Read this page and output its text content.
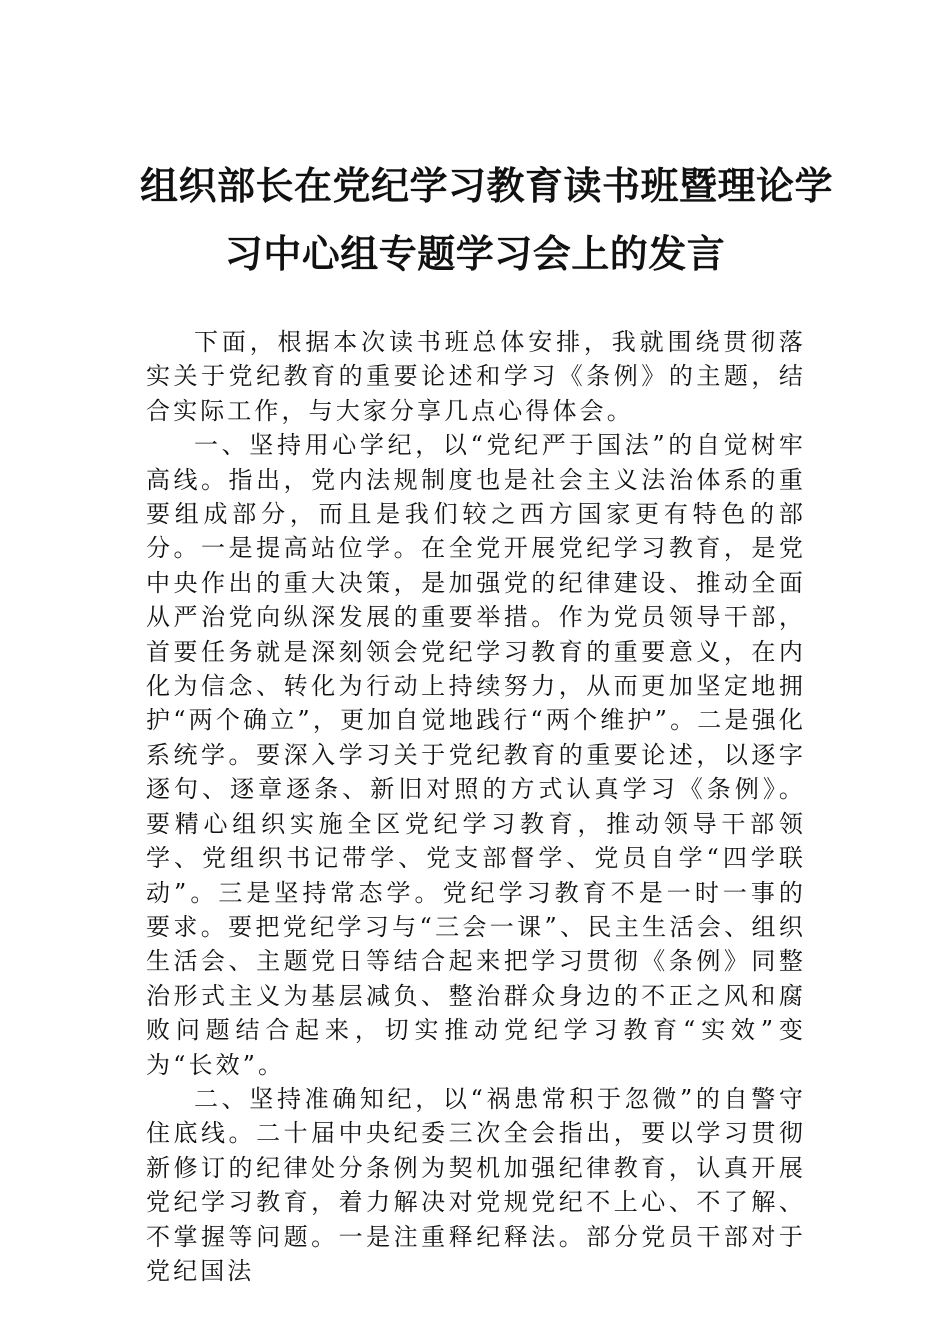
组织部长在党纪学习教育读书班暨理论学
习中心组专题学习会上的发言

下面，根据本次读书班总体安排，我就围绕贯彻落实关于党纪教育的重要论述和学习《条例》的主题，结合实际工作，与大家分享几点心得体会。

一、坚持用心学纪，以“党纪严于国法”的自觉树牢高线。指出，党内法规制度也是社会主义法治体系的重要组成部分，而且是我们较之西方国家更有特色的部分。一是提高站位学。在全党开展党纪学习教育，是党中央作出的重大决策，是加强党的纪律建设、推动全面从严治党向纵深发展的重要举措。作为党员领导干部，首要任务就是深刻领会党纪学习教育的重要意义，在内化为信念、转化为行动上持续努力，从而更加坚定地拥护“两个确立”，更加自觉地践行“两个维护”。二是强化系统学。要深入学习关于党纪教育的重要论述，以逐字逐句、逐章逐条、新旧对照的方式认真学习《条例》。要精心组织实施全区党纪学习教育，推动领导干部领学、党组织书记带学、党支部督学、党员自学“四学联动”。三是坚持常态学。党纪学习教育不是一时一事的要求。要把党纪学习与“三会一课”、民主生活会、组织生活会、主题党日等结合起来把学习贯彻《条例》同整治形式主义为基层减负、整治群众身边的不正之风和腐败问题结合起来，切实推动党纪学习教育“实效”变为“长效”。

二、坚持准确知纪，以“祸患常积于忽微”的自警守住底线。二十届中央纪委三次全会指出，要以学习贯彻新修订的纪律处分条例为契机加强纪律教育，认真开展党纪学习教育，着力解决对党规党纪不上心、不了解、不掌握等问题。一是注重释纪释法。部分党员干部对于党纪国法
